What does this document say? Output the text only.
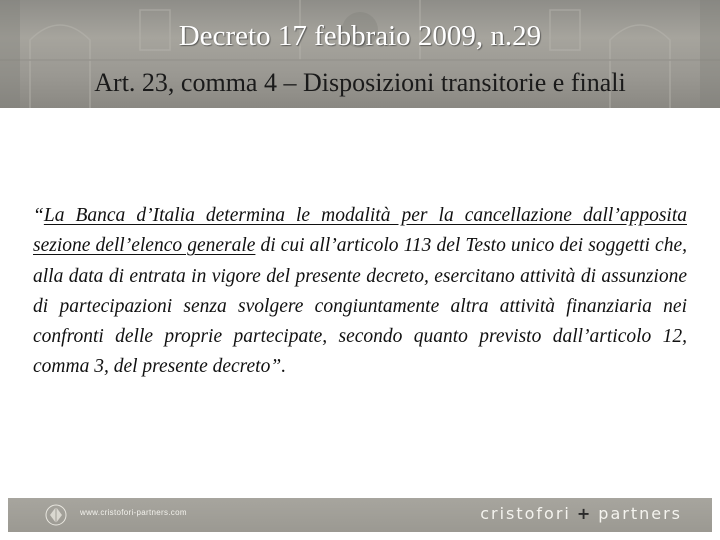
Decreto 17 febbraio 2009, n.29
Art. 23, comma 4 – Disposizioni transitorie e finali
“La Banca d’Italia determina le modalità per la cancellazione dall’apposita sezione dell’elenco generale di cui all’articolo 113 del Testo unico dei soggetti che, alla data di entrata in vigore del presente decreto, esercitano attività di assunzione di partecipazioni senza svolgere congiuntamente altra attività finanziaria nei confronti delle proprie partecipate, secondo quanto previsto dall’articolo 12, comma 3, del presente decreto”.
www.cristofori-partners.com	cristofori + partners
